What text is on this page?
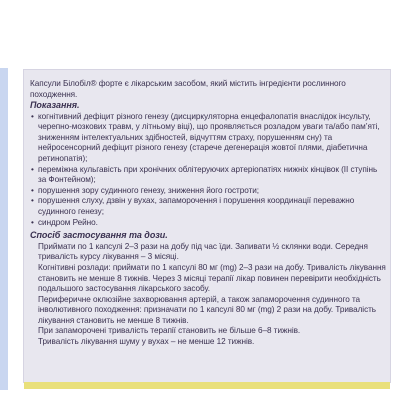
Капсули Білобіл® форте є лікарським засобом, який містить інгредієнти рослинного походження.

Показання.
• когнітивний дефіцит різного генезу (дисциркуляторна енцефалопатія внаслідок інсульту, черепно-мозкових травм, у літньому віці), що проявляється розладом уваги та/або пам’яті, зниженням інтелектуальних здібностей, відчуттям страху, порушенням сну) та нейросенсорний дефіцит різного генезу (старече дегенерація жовтої плями, діабетична ретинопатія);
• переміжна кульгавість при хронічних облітеруючих артеріопатіях нижніх кінцівок (II ступінь за Фонтейном);
• порушення зору судинного генезу, зниження його гостроти;
• порушення слуху, дзвін у вухах, запаморочення і порушення координації переважно судинного генезу;
• синдром Рейно.
Спосіб застосування та дози.
Приймати по 1 капсулі 2–3 рази на добу під час їди. Запивати ½ склянки води. Середня тривалість курсу лікування – 3 місяці.
Когнітивні розлади: приймати по 1 капсулі 80 мг (mg) 2–3 рази на добу. Тривалість лікування становить не менше 8 тижнів. Через 3 місяці терапії лікар повинен перевірити необхідність подальшого застосування лікарського засобу.
Периферичне оклюзійне захворювання артерій, а також запаморочення судинного та інволютивного походження: призначати по 1 капсулі 80 мг (mg) 2 рази на добу. Тривалість лікування становить не менше 8 тижнів.
При запаморочені тривалість терапії становить не більше 6–8 тижнів.
Тривалість лікування шуму у вухах – не менше 12 тижнів.
